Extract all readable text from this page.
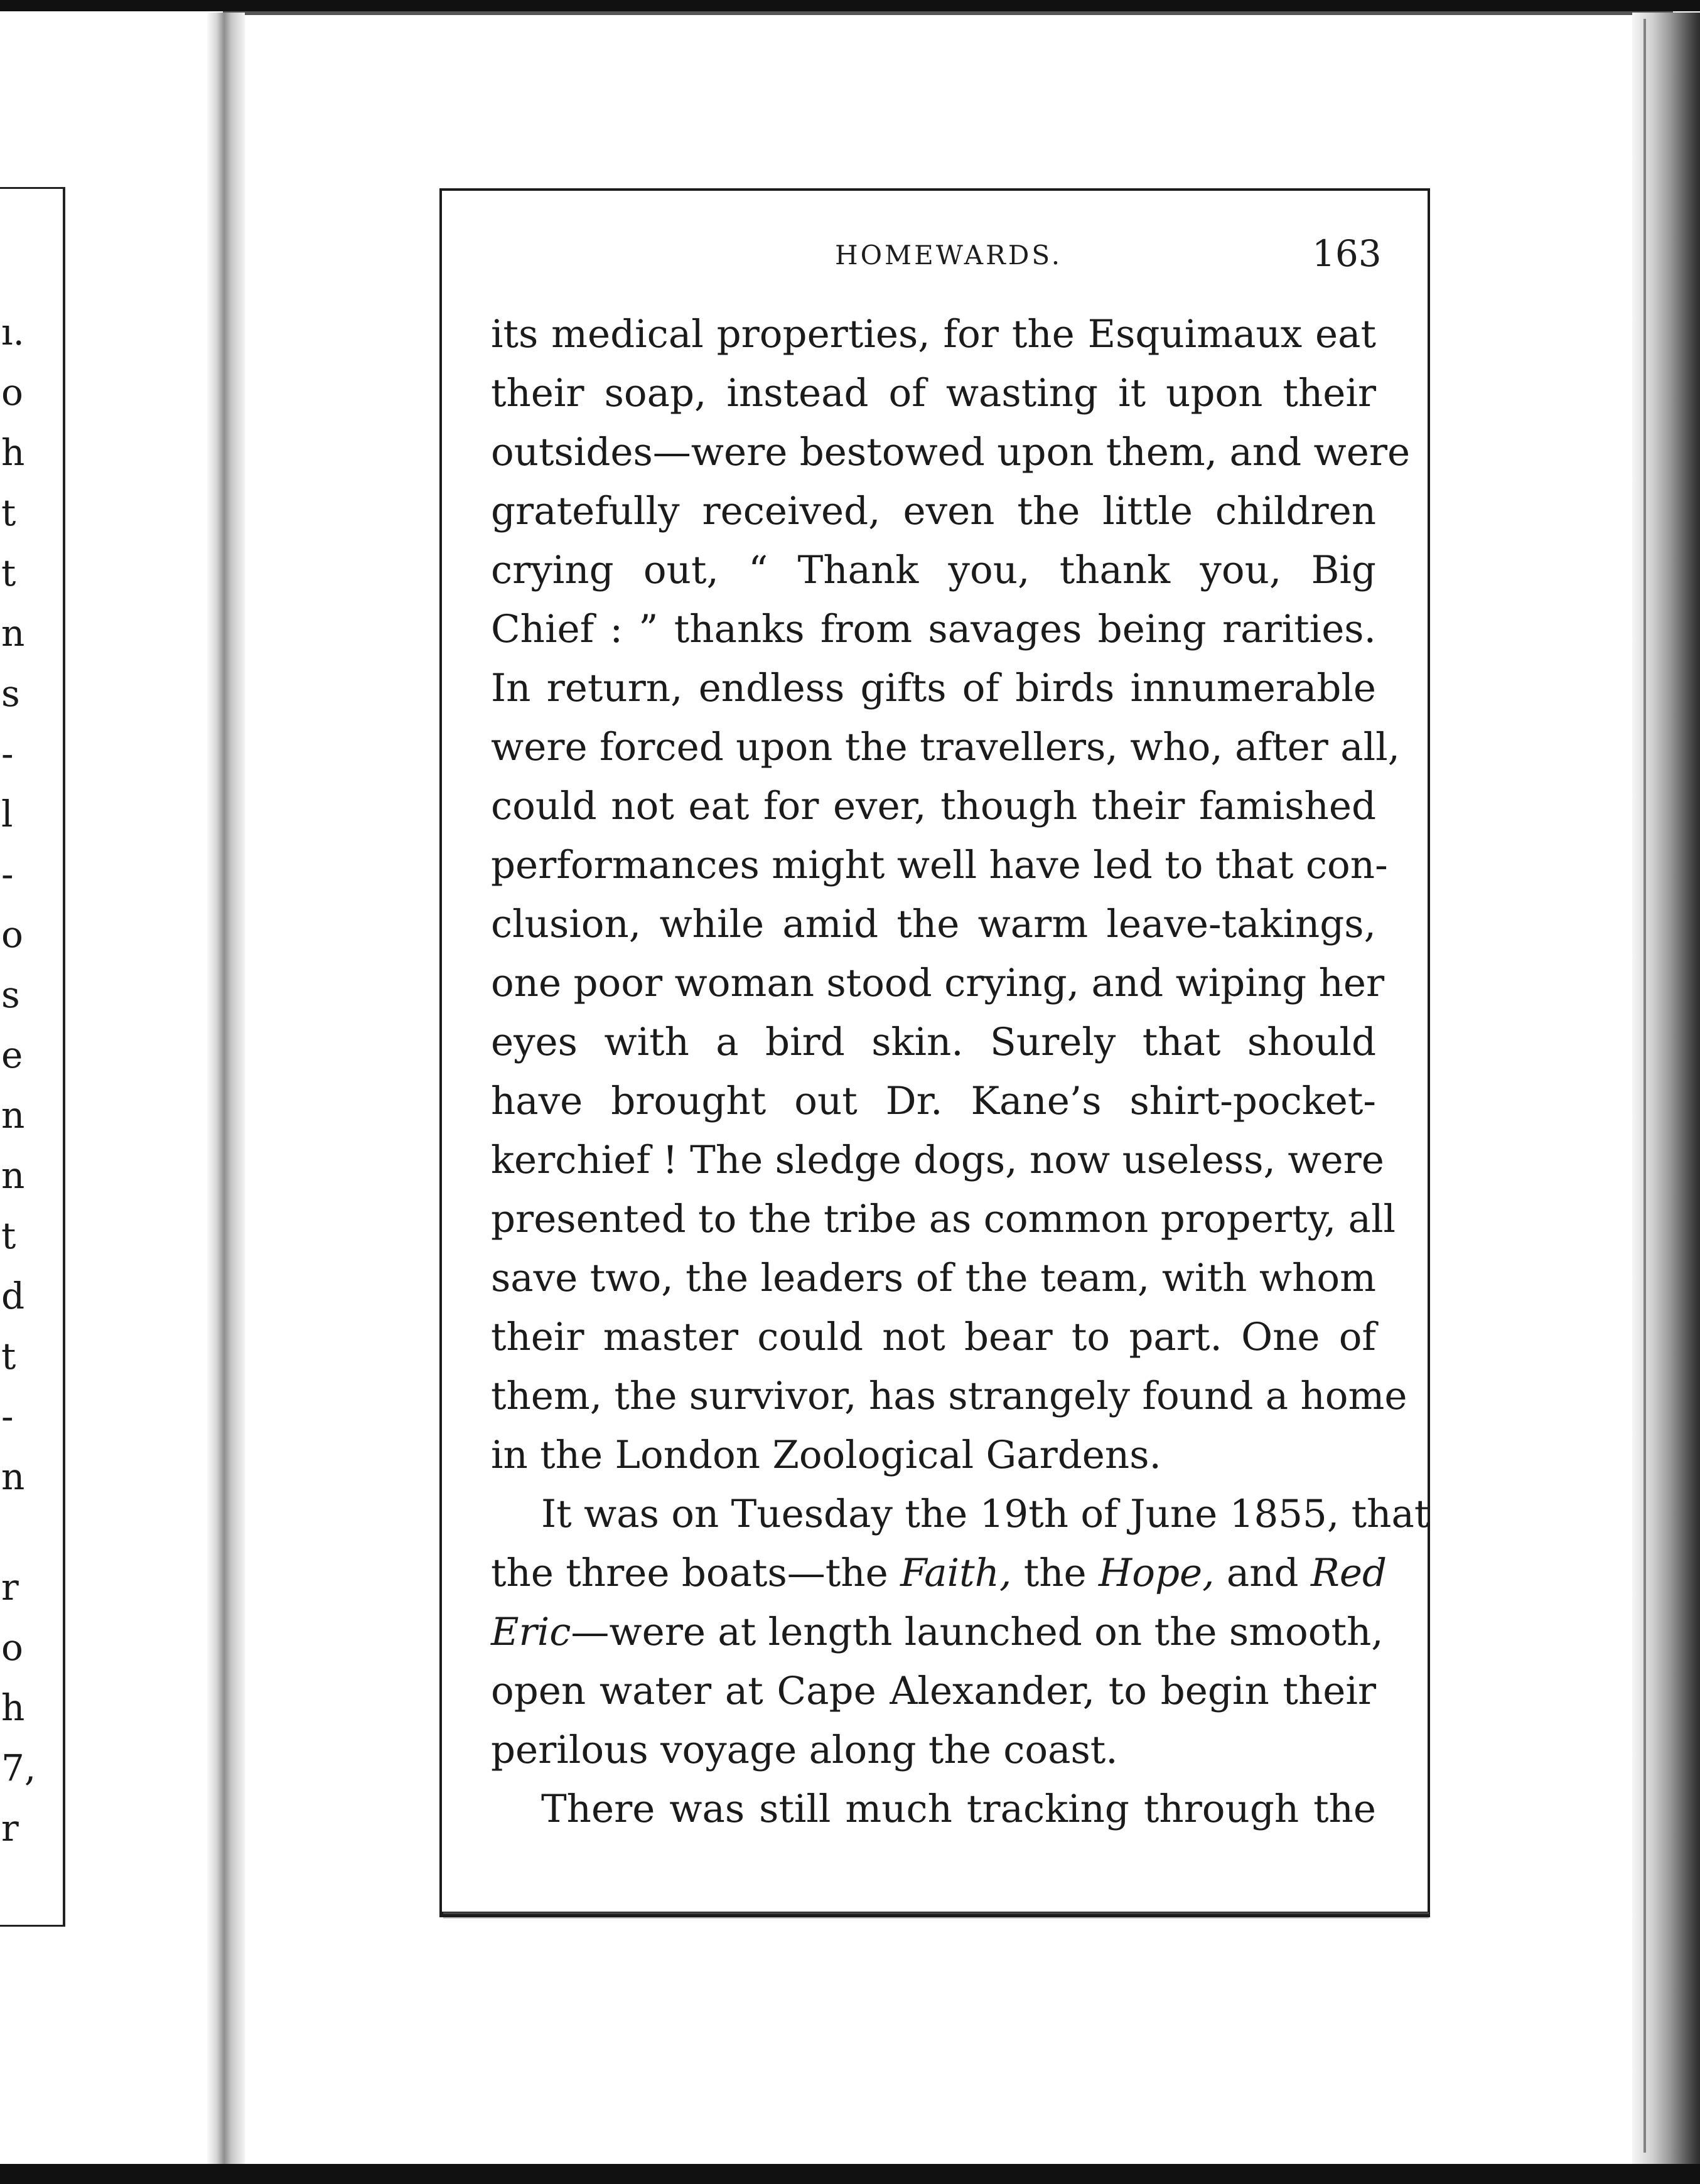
ı.
o
h
t
t
n
s
-
l
-
o
s
e
n
n
t
d
t
-
n
r
o
h
7,
r
HOMEWARDS.	163
its medical properties, for the Esquimaux eat
their soap, instead of wasting it upon their
outsides—were bestowed upon them, and were
gratefully received, even the little children
crying out, “ Thank you, thank you, Big
Chief : ” thanks from savages being rarities.
In return, endless gifts of birds innumerable
were forced upon the travellers, who, after all,
could not eat for ever, though their famished
performances might well have led to that con-
clusion, while amid the warm leave-takings,
one poor woman stood crying, and wiping her
eyes with a bird skin. Surely that should
have brought out Dr. Kane’s shirt-pocket-
kerchief ! The sledge dogs, now useless, were
presented to the tribe as common property, all
save two, the leaders of the team, with whom
their master could not bear to part. One of
them, the survivor, has strangely found a home
in the London Zoological Gardens.
It was on Tuesday the 19th of June 1855, that
the three boats—the Faith, the Hope, and Red
Eric—were at length launched on the smooth,
open water at Cape Alexander, to begin their
perilous voyage along the coast.
There was still much tracking through the
